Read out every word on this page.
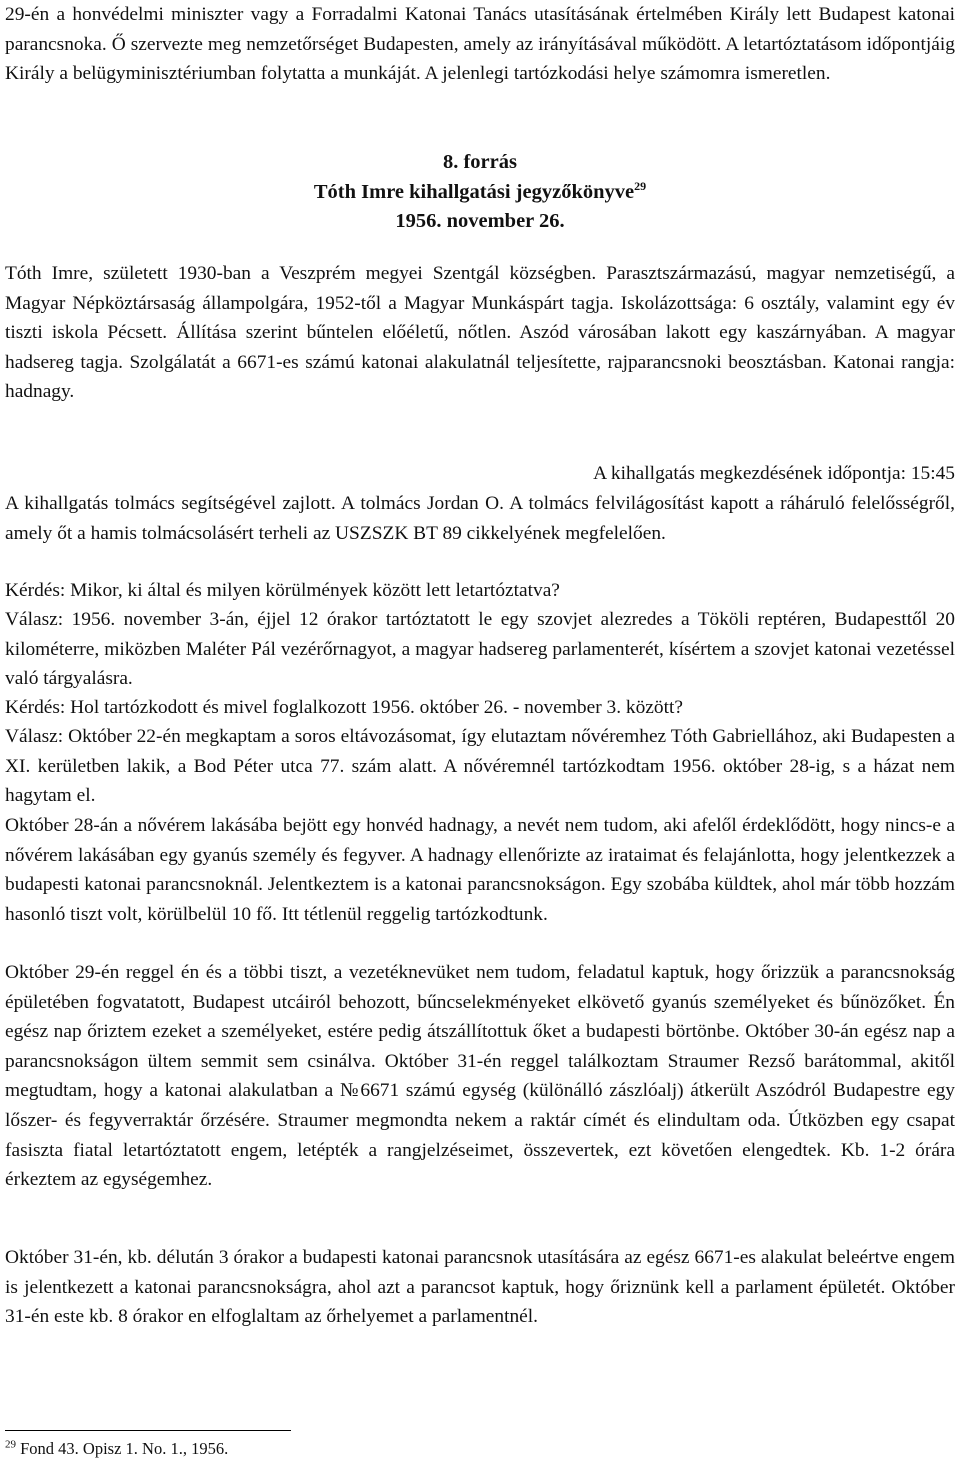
29-én a honvédelmi miniszter vagy a Forradalmi Katonai Tanács utasításának értelmében Király lett Budapest katonai parancsnoka. Ő szervezte meg nemzetőrséget Budapesten, amely az irányításával működött. A letartóztatásom időpontjáig Király a belügyminisztériumban folytatta a munkáját. A jelenlegi tartózkodási helye számomra ismeretlen.

8. forrás

Tóth Imre kihallgatási jegyzőkönyve$^{29}$

1956. november 26.

Tóth Imre, született 1930-ban a Veszprém megyei Szentgál községben. Parasztszármazású, magyar nemzetiségű, a Magyar Népköztársaság állampolgára, 1952-től a Magyar Munkáspárt tagja. Iskolázottsága: 6 osztály, valamint egy év tiszti iskola Pécsett. Állítása szerint bűntelen előéletű, nőtlen. Aszód városában lakott egy kaszárnyában. A magyar hadsereg tagja. Szolgálatát a 6671-es számú katonai alakulatnál teljesítette, rajparancsnoki beosztásban. Katonai rangja: hadnagy.

A kihallgatás megkezdésének időpontja: 15:45

A kihallgatás tolmács segítségével zajlott. A tolmács Jordan O. A tolmács felvilágosítást kapott a ráháruló felelősségről, amely őt a hamis tolmácsolásért terheli az USZSZK BT 89 cikkelyének megfelelően.

Kérdés: Mikor, ki által és milyen körülmények között lett letartóztatva?

Válasz: 1956. november 3-án, éjjel 12 órakor tartóztatott le egy szovjet alezredes a Tököli reptéren, Budapesttől 20 kilométerre, miközben Maléter Pál vezérőrnagyot, a magyar hadsereg parlamenterét, kísértem a szovjet katonai vezetéssel való tárgyalásra.

Kérdés: Hol tartózkodott és mivel foglalkozott 1956. október 26. - november 3. között?

Válasz: Október 22-én megkaptam a soros eltávozásomat, így elutaztam nővéremhez Tóth Gabriellához, aki Budapesten a XI. kerületben lakik, a Bod Péter utca 77. szám alatt. A nővéremnél tartózkodtam 1956. október 28-ig, s a házat nem hagytam el.

Október 28-án a nővérem lakásába bejött egy honvéd hadnagy, a nevét nem tudom, aki afelől érdeklődött, hogy nincs-e a nővérem lakásában egy gyanús személy és fegyver. A hadnagy ellenőrizte az irataimat és felajánlotta, hogy jelentkezzek a budapesti katonai parancsnoknál. Jelentkeztem is a katonai parancsnokságon. Egy szobába küldtek, ahol már több hozzám hasonló tiszt volt, körülbelül 10 fő. Itt tétlenül reggelig tartózkodtunk.

Október 29-én reggel én és a többi tiszt, a vezetéknevüket nem tudom, feladatul kaptuk, hogy őrizzük a parancsnokság épületében fogvatatott, Budapest utcáiról behozott, bűncselekményeket elkövető gyanús személyeket és bűnözőket. Én egész nap őriztem ezeket a személyeket, estére pedig átszállítottuk őket a budapesti börtönbe. Október 30-án egész nap a parancsnokságon ültem semmit sem csinálva. Október 31-én reggel találkoztam Straumer Rezső barátommal, akitől megtudtam, hogy a katonai alakulatban a №6671 számú egység (különálló zászlóalj) átkerült Aszódról Budapestre egy lőszer- és fegyverraktár őrzésére. Straumer megmondta nekem a raktár címét és elindultam oda. Útközben egy csapat fasiszta fiatal letartóztatott engem, letépték a rangjelzéseimet, összevertek, ezt követően elengedtek. Kb. 1-2 órára érkeztem az egységemhez.

Október 31-én, kb. délután 3 órakor a budapesti katonai parancsnok utasítására az egész 6671-es alakulat beleértve engem is jelentkezett a katonai parancsnokságra, ahol azt a parancsot kaptuk, hogy őriznünk kell a parlament épületét. Október 31-én este kb. 8 órakor en elfoglaltam az őrhelyemet a parlamentnél.

$^{29}$ Fond 43. Opisz 1. No. 1., 1956.
